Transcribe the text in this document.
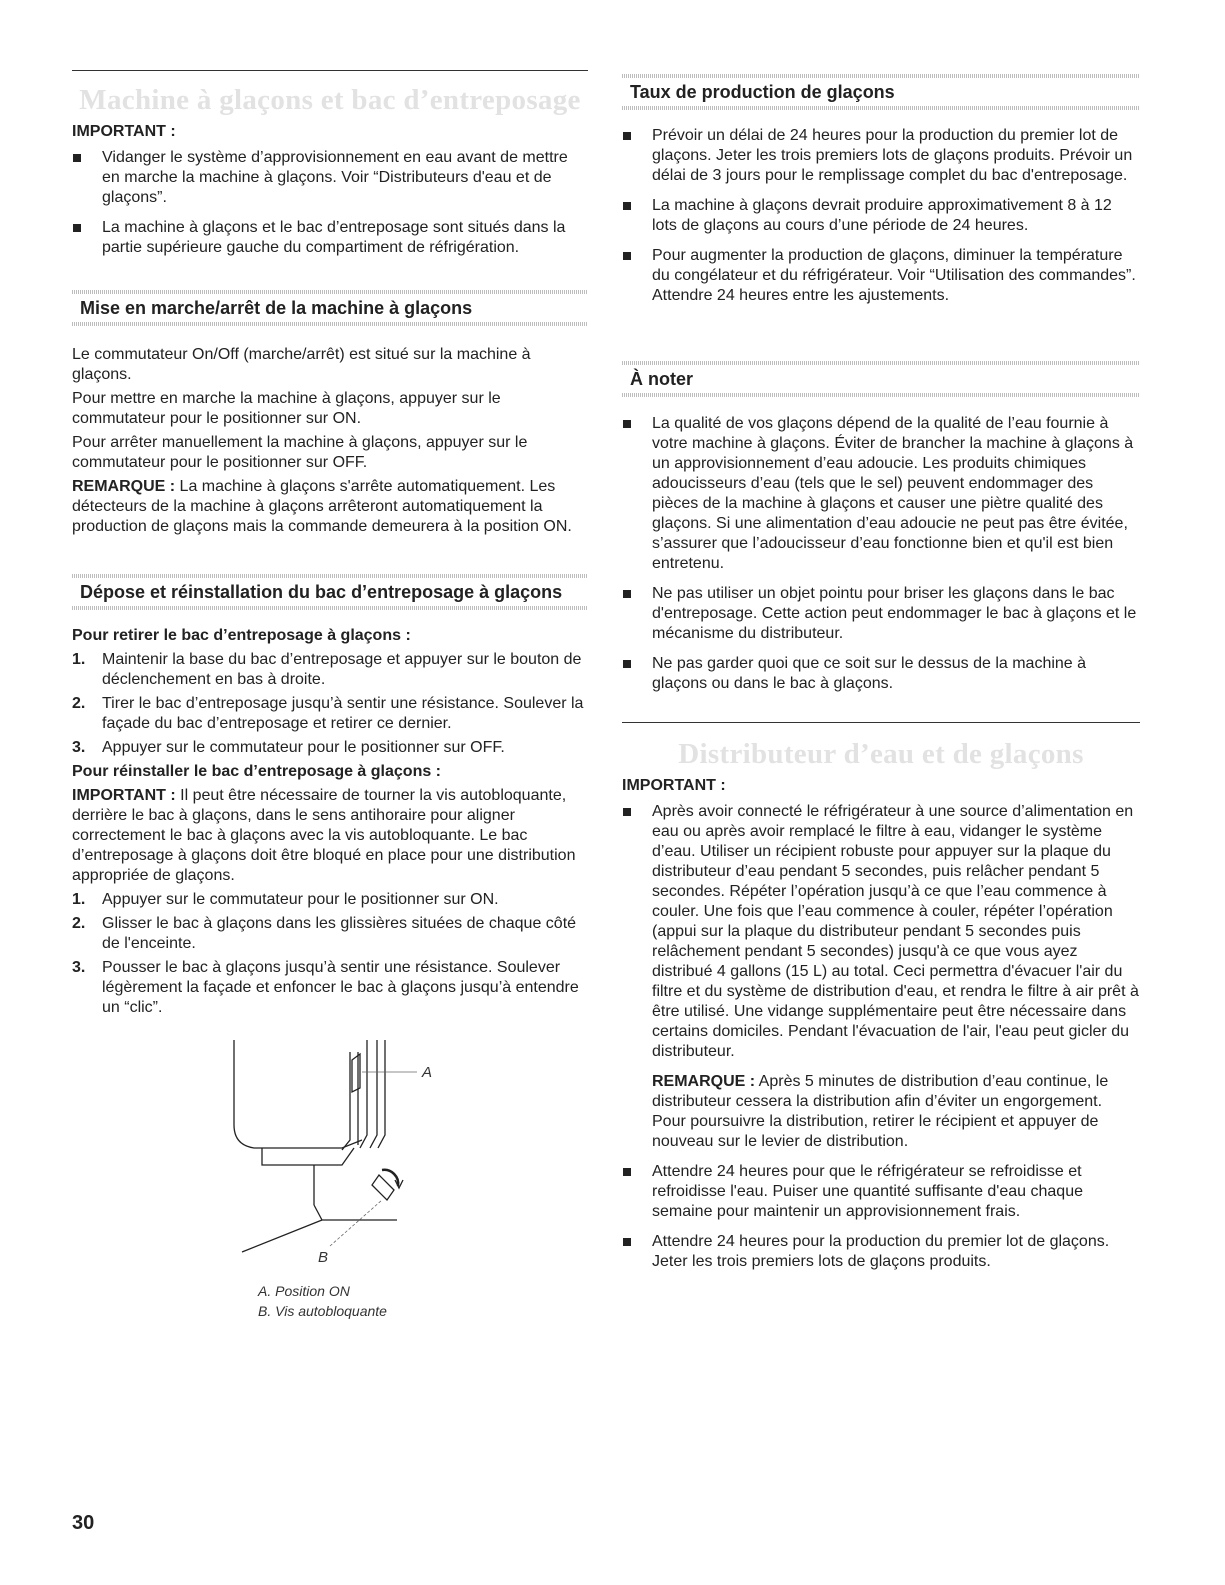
Machine à glaçons et bac d’entreposage

IMPORTANT :

Vidanger le système d’approvisionnement en eau avant de mettre en marche la machine à glaçons. Voir “Distributeurs d'eau et de glaçons”.
La machine à glaçons et le bac d’entreposage sont situés dans la partie supérieure gauche du compartiment de réfrigération.
Mise en marche/arrêt de la machine à glaçons

Le commutateur On/Off (marche/arrêt) est situé sur la machine à glaçons.

Pour mettre en marche la machine à glaçons, appuyer sur le commutateur pour le positionner sur ON.

Pour arrêter manuellement la machine à glaçons, appuyer sur le commutateur pour le positionner sur OFF.

REMARQUE : La machine à glaçons s'arrête automatiquement. Les détecteurs de la machine à glaçons arrêteront automatiquement la production de glaçons mais la commande demeurera à la position ON.

Dépose et réinstallation du bac d’entreposage à glaçons

Pour retirer le bac d’entreposage à glaçons :

1. Maintenir la base du bac d’entreposage et appuyer sur le bouton de déclenchement en bas à droite.
2. Tirer le bac d’entreposage jusqu’à sentir une résistance. Soulever la façade du bac d’entreposage et retirer ce dernier.
3. Appuyer sur le commutateur pour le positionner sur OFF.

Pour réinstaller le bac d’entreposage à glaçons :

IMPORTANT : Il peut être nécessaire de tourner la vis autobloquante, derrière le bac à glaçons, dans le sens antihoraire pour aligner correctement le bac à glaçons avec la vis autobloquante. Le bac d’entreposage à glaçons doit être bloqué en place pour une distribution appropriée de glaçons.

1. Appuyer sur le commutateur pour le positionner sur ON.
2. Glisser le bac à glaçons dans les glissières situées de chaque côté de l'enceinte.
3. Pousser le bac à glaçons jusqu’à sentir une résistance. Soulever légèrement la façade et enfoncer le bac à glaçons jusqu’à entendre un “clic”.
A
B
A. Position ON
B. Vis autobloquante
Taux de production de glaçons
Prévoir un délai de 24 heures pour la production du premier lot de glaçons. Jeter les trois premiers lots de glaçons produits. Prévoir un délai de 3 jours pour le remplissage complet du bac d'entreposage.
La machine à glaçons devrait produire approximativement 8 à 12 lots de glaçons au cours d’une période de 24 heures.
Pour augmenter la production de glaçons, diminuer la température du congélateur et du réfrigérateur. Voir “Utilisation des commandes”. Attendre 24 heures entre les ajustements.
À noter
La qualité de vos glaçons dépend de la qualité de l’eau fournie à votre machine à glaçons. Éviter de brancher la machine à glaçons à un approvisionnement d’eau adoucie. Les produits chimiques adoucisseurs d’eau (tels que le sel) peuvent endommager des pièces de la machine à glaçons et causer une piètre qualité des glaçons. Si une alimentation d’eau adoucie ne peut pas être évitée, s’assurer que l’adoucisseur d’eau fonctionne bien et qu'il est bien entretenu.
Ne pas utiliser un objet pointu pour briser les glaçons dans le bac d'entreposage. Cette action peut endommager le bac à glaçons et le mécanisme du distributeur.
Ne pas garder quoi que ce soit sur le dessus de la machine à glaçons ou dans le bac à glaçons.
Distributeur d’eau et de glaçons

IMPORTANT :

Après avoir connecté le réfrigérateur à une source d’alimentation en eau ou après avoir remplacé le filtre à eau, vidanger le système d’eau. Utiliser un récipient robuste pour appuyer sur la plaque du distributeur d’eau pendant 5 secondes, puis relâcher pendant 5 secondes. Répéter l’opération jusqu’à ce que l’eau commence à couler. Une fois que l’eau commence à couler, répéter l’opération (appui sur la plaque du distributeur pendant 5 secondes puis relâchement pendant 5 secondes) jusqu'à ce que vous ayez distribué 4 gallons (15 L) au total. Ceci permettra d'évacuer l'air du filtre et du système de distribution d'eau, et rendra le filtre à air prêt à être utilisé. Une vidange supplémentaire peut être nécessaire dans certains domiciles. Pendant l'évacuation de l'air, l'eau peut gicler du distributeur.
REMARQUE : Après 5 minutes de distribution d’eau continue, le distributeur cessera la distribution afin d’éviter un engorgement. Pour poursuivre la distribution, retirer le récipient et appuyer de nouveau sur le levier de distribution.
Attendre 24 heures pour que le réfrigérateur se refroidisse et refroidisse l'eau. Puiser une quantité suffisante d'eau chaque semaine pour maintenir un approvisionnement frais.
Attendre 24 heures pour la production du premier lot de glaçons. Jeter les trois premiers lots de glaçons produits.
30
